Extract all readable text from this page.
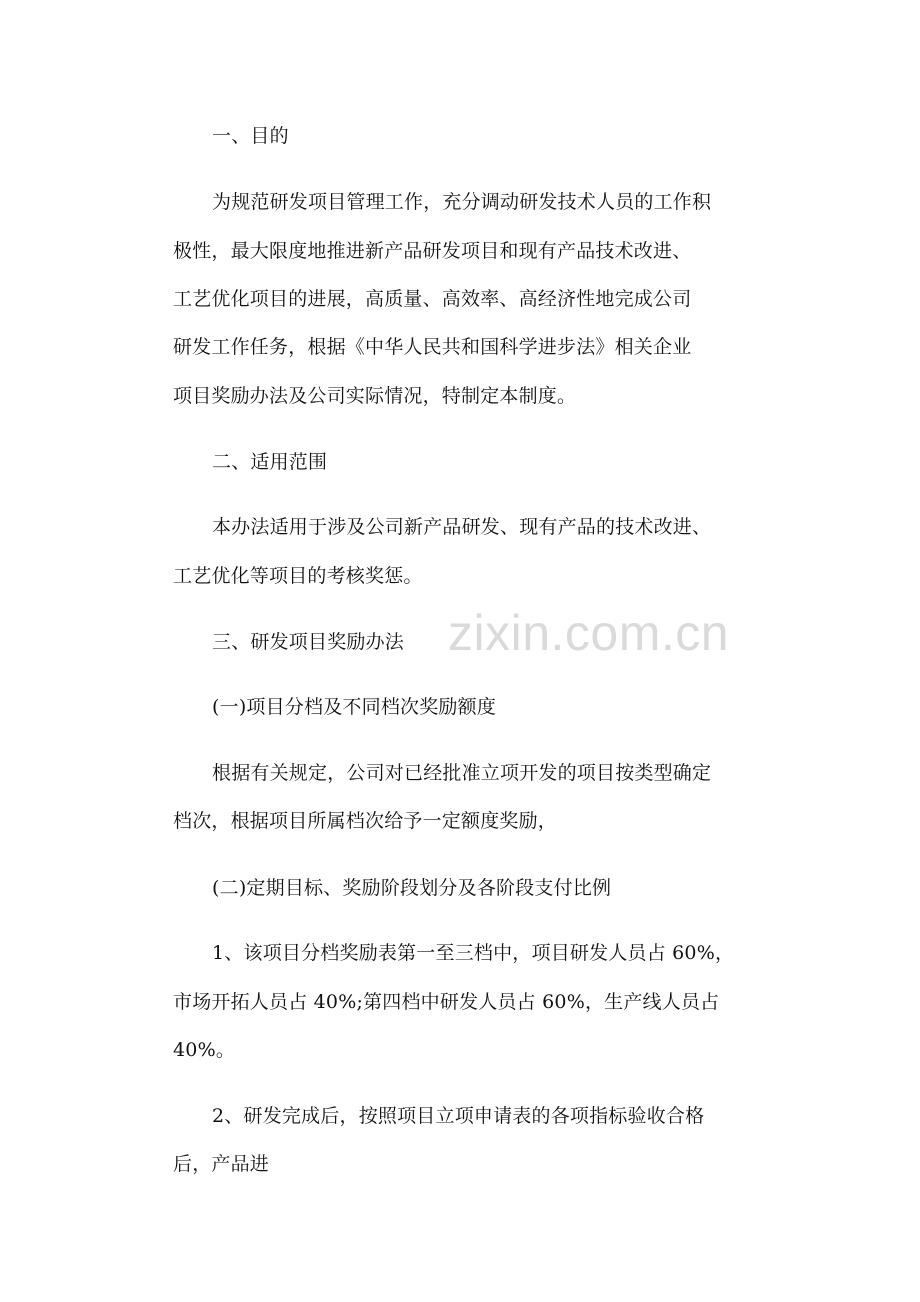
一、目的
为规范研发项目管理工作，充分调动研发技术人员的工作积
极性，最大限度地推进新产品研发项目和现有产品技术改进、
工艺优化项目的进展，高质量、高效率、高经济性地完成公司
研发工作任务，根据《中华人民共和国科学进步法》相关企业
项目奖励办法及公司实际情况，特制定本制度。
二、适用范围
本办法适用于涉及公司新产品研发、现有产品的技术改进、
工艺优化等项目的考核奖惩。
三、研发项目奖励办法
(一)项目分档及不同档次奖励额度
根据有关规定，公司对已经批准立项开发的项目按类型确定
档次，根据项目所属档次给予一定额度奖励，
(二)定期目标、奖励阶段划分及各阶段支付比例
1、该项目分档奖励表第一至三档中，项目研发人员占 60%，
市场开拓人员占 40%;第四档中研发人员占 60%，生产线人员占
40%。
2、研发完成后，按照项目立项申请表的各项指标验收合格
后，产品进
zixin.com.cn
